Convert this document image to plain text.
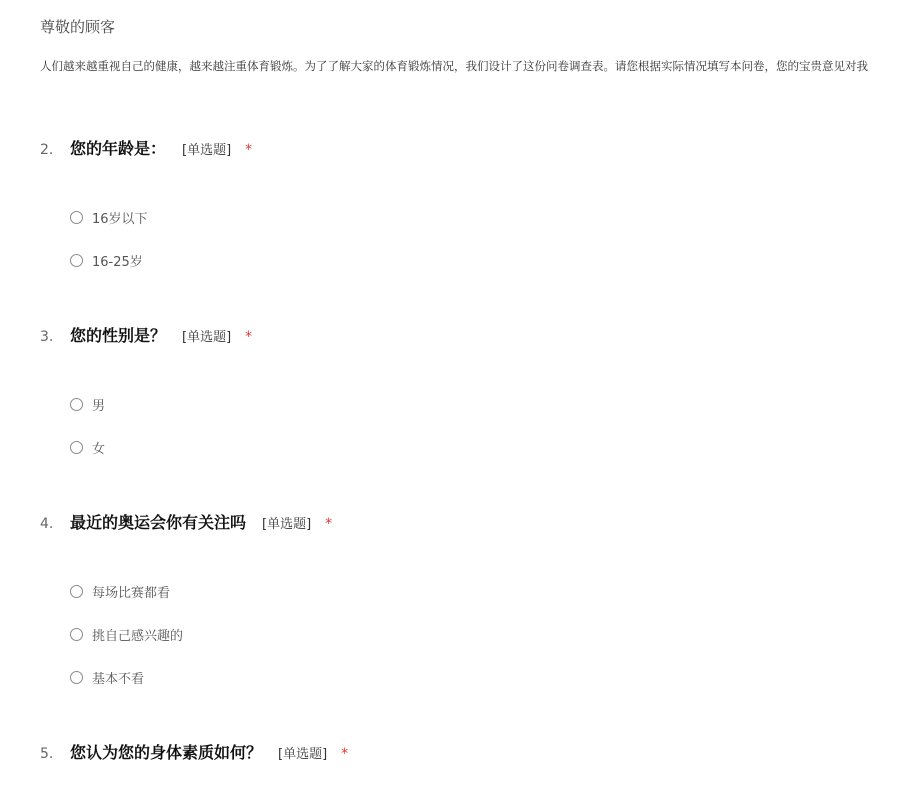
尊敬的顾客
人们越来越重视自己的健康，越来越注重体育锻炼。为了了解大家的体育锻炼情况，我们设计了这份问卷调查表。请您根据实际情况填写本问卷，您的宝贵意见对我
2.	您的年龄是： [单选题] *
16岁以下
16-25岁
3.	您的性别是？ [单选题] *
男
女
4.	最近的奥运会你有关注吗 [单选题] *
每场比赛都看
挑自己感兴趣的
基本不看
5.	您认为您的身体素质如何？ [单选题] *
